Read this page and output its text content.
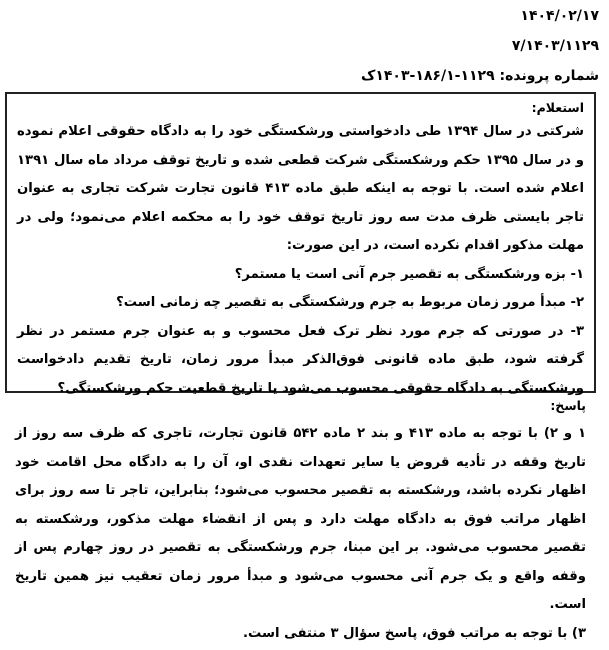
۱۴۰۴/۰۲/۱۷
۷/۱۴۰۳/۱۱۲۹
شماره پرونده: ۱۱۲۹-۱۸۶/۱-۱۴۰۳ک
استعلام:

شرکتی در سال ۱۳۹۴ طی دادخواستی ورشکستگی خود را به دادگاه حقوقی اعلام نموده و در سال ۱۳۹۵ حکم ورشکستگی شرکت قطعی شده و تاریخ توقف مرداد ماه سال ۱۳۹۱ اعلام شده است. با توجه به اینکه طبق ماده ۴۱۳ قانون تجارت شرکت تجاری به عنوان تاجر بایستی ظرف مدت سه روز تاریخ توقف خود را به محکمه اعلام می‌نمود؛ ولی در مهلت مذکور اقدام نکرده است، در این صورت:

۱- بزه ورشکستگی به تقصیر جرم آنی است یا مستمر؟

۲- مبدأ مرور زمان مربوط به جرم ورشکستگی به تقصیر چه زمانی است؟

۳- در صورتی که جرم مورد نظر ترک فعل محسوب و به عنوان جرم مستمر در نظر گرفته شود، طبق ماده قانونی فوق‌الذکر مبدأ مرور زمان، تاریخ تقدیم دادخواست ورشکستگی به دادگاه حقوقی محسوب می‌شود یا تاریخ قطعیت حکم ورشکستگی؟

پاسخ:

۱ و ۲) با توجه به ماده ۴۱۳ و بند ۲ ماده ۵۴۲ قانون تجارت، تاجری که ظرف سه روز از تاریخ وقفه در تأدیه قروض یا سایر تعهدات نقدی او، آن را به دادگاه محل اقامت خود اظهار نکرده باشد، ورشکسته به تقصیر محسوب می‌شود؛ بنابراین، تاجر تا سه روز برای اظهار مراتب فوق به دادگاه مهلت دارد و پس از انقضاء مهلت مذکور، ورشکسته به تقصیر محسوب می‌شود. بر این مبنا، جرم ورشکستگی به تقصیر در روز چهارم پس از وقفه واقع و یک جرم آنی محسوب می‌شود و مبدأ مرور زمان تعقیب نیز همین تاریخ است.

۳) با توجه به مراتب فوق، پاسخ سؤال ۳ منتفی است.
